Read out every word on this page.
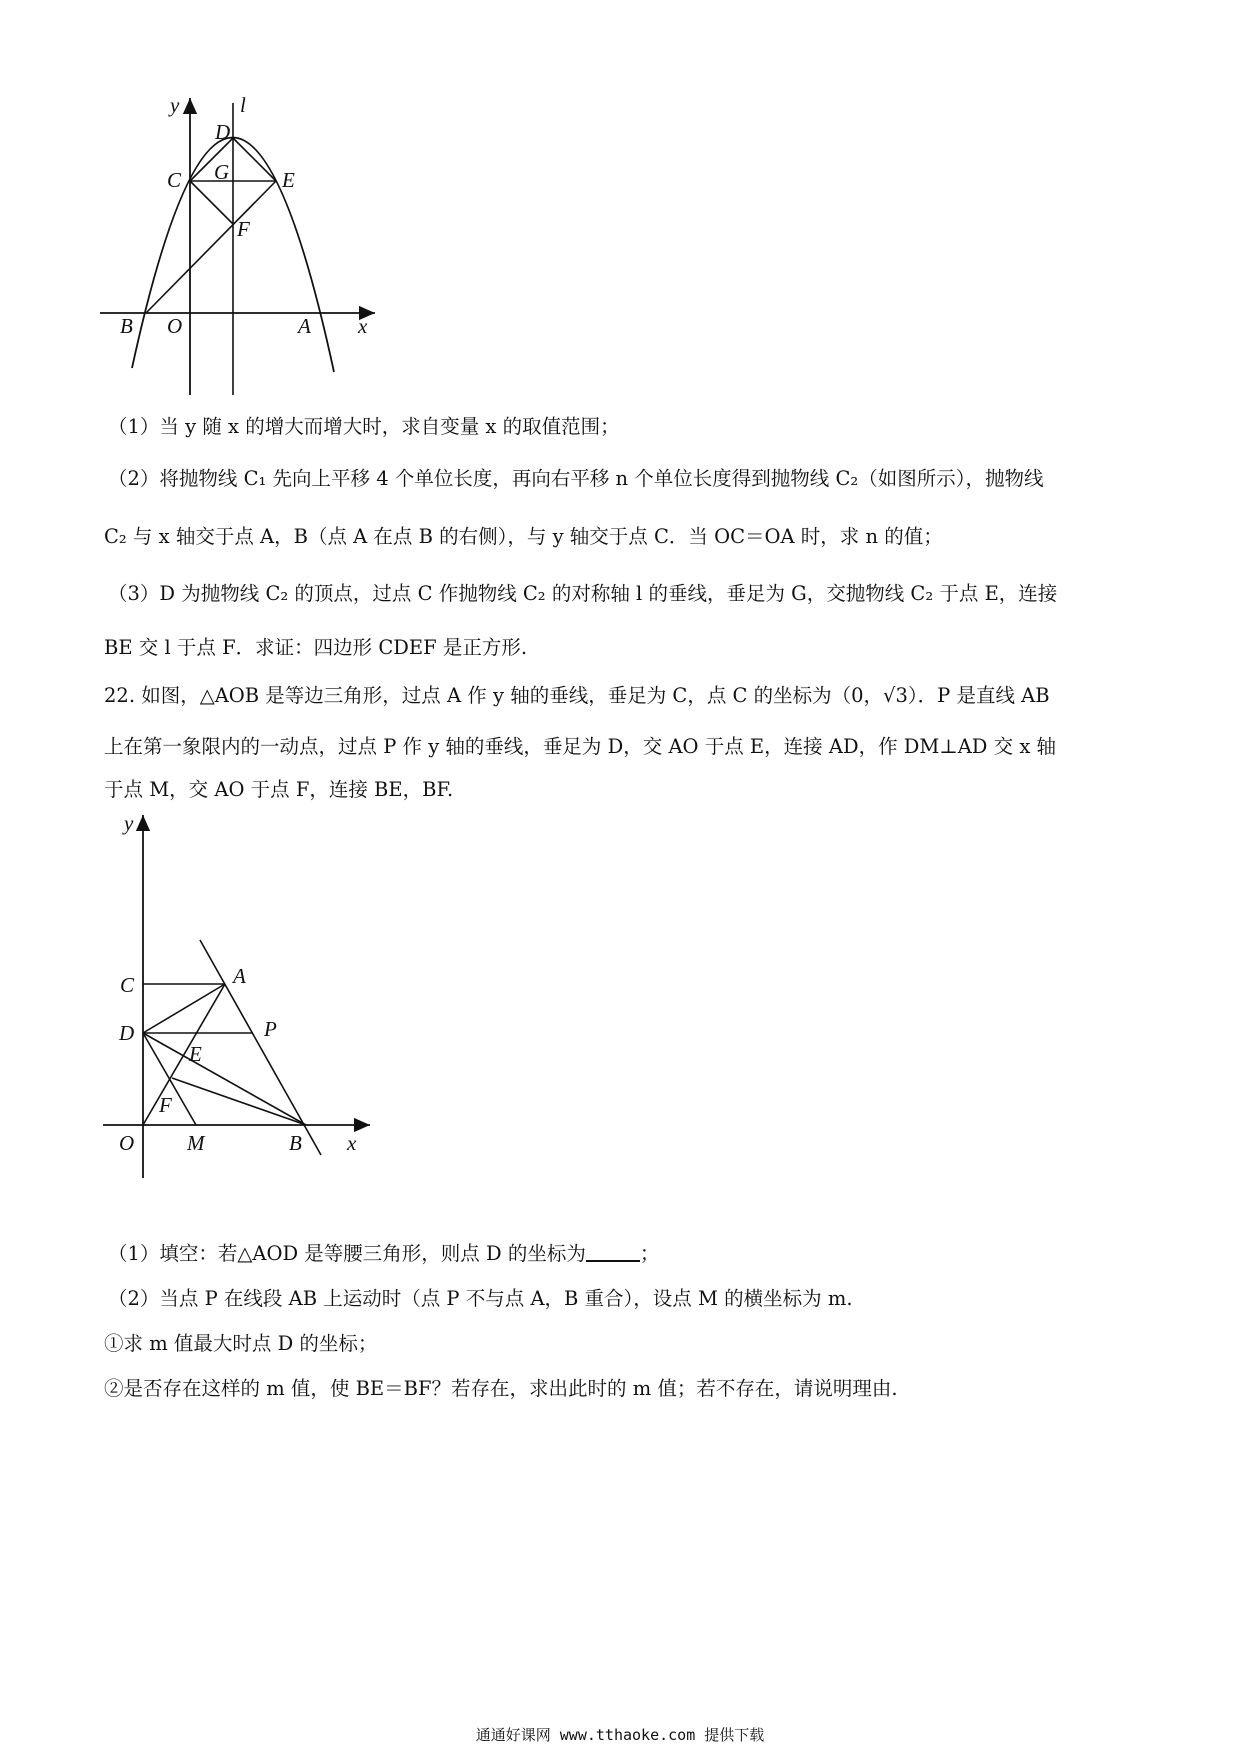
y	l
D
C G	E
F
B O	A x
（1）当 y 随 x 的增大而增大时，求自变量 x 的取值范围；
（2）将抛物线 C₁ 先向上平移 4 个单位长度，再向右平移 n 个单位长度得到抛物线 C₂（如图所示），抛物线
C₂ 与 x 轴交于点 A，B（点 A 在点 B 的右侧），与 y 轴交于点 C．当 OC＝OA 时，求 n 的值；
（3）D 为抛物线 C₂ 的顶点，过点 C 作抛物线 C₂ 的对称轴 l 的垂线，垂足为 G，交抛物线 C₂ 于点 E，连接
BE 交 l 于点 F．求证：四边形 CDEF 是正方形.
22. 如图，△AOB 是等边三角形，过点 A 作 y 轴的垂线，垂足为 C，点 C 的坐标为（0，√3）．P 是直线 AB
上在第一象限内的一动点，过点 P 作 y 轴的垂线，垂足为 D，交 AO 于点 E，连接 AD，作 DM⊥AD 交 x 轴
于点 M，交 AO 于点 F，连接 BE，BF.
y
C	A
D	P
E
F
O	M	B x
（1）填空：若△AOD 是等腰三角形，则点 D 的坐标为	；
（2）当点 P 在线段 AB 上运动时（点 P 不与点 A，B 重合），设点 M 的横坐标为 m.
①求 m 值最大时点 D 的坐标；
②是否存在这样的 m 值，使 BE＝BF？若存在，求出此时的 m 值；若不存在，请说明理由.
通通好课网 www.tthaoke.com 提供下载
